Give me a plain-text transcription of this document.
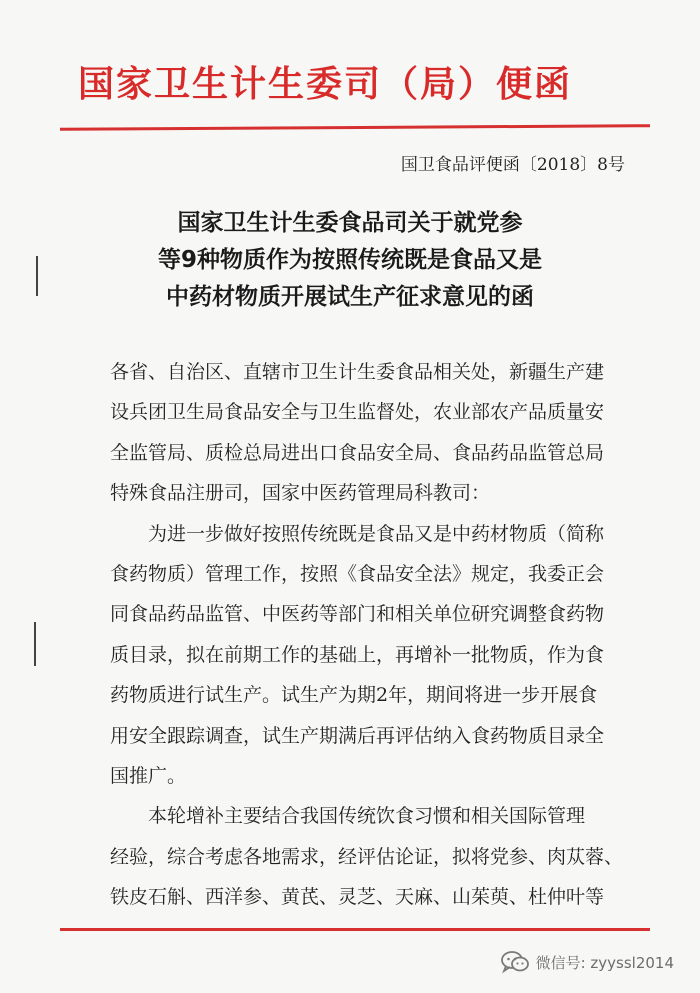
国家卫生计生委司（局）便函
国卫食品评便函〔2018〕8号
国家卫生计生委食品司关于就党参
等9种物质作为按照传统既是食品又是
中药材物质开展试生产征求意见的函
各省、自治区、直辖市卫生计生委食品相关处，新疆生产建
设兵团卫生局食品安全与卫生监督处，农业部农产品质量安
全监管局、质检总局进出口食品安全局、食品药品监管总局
特殊食品注册司，国家中医药管理局科教司：
为进一步做好按照传统既是食品又是中药材物质（简称
食药物质）管理工作，按照《食品安全法》规定，我委正会
同食品药品监管、中医药等部门和相关单位研究调整食药物
质目录，拟在前期工作的基础上，再增补一批物质，作为食
药物质进行试生产。试生产为期2年，期间将进一步开展食
用安全跟踪调查，试生产期满后再评估纳入食药物质目录全
国推广。
本轮增补主要结合我国传统饮食习惯和相关国际管理
经验，综合考虑各地需求，经评估论证，拟将党参、肉苁蓉、
铁皮石斛、西洋参、黄芪、灵芝、天麻、山茱萸、杜仲叶等
微信号: zyyssl2014
